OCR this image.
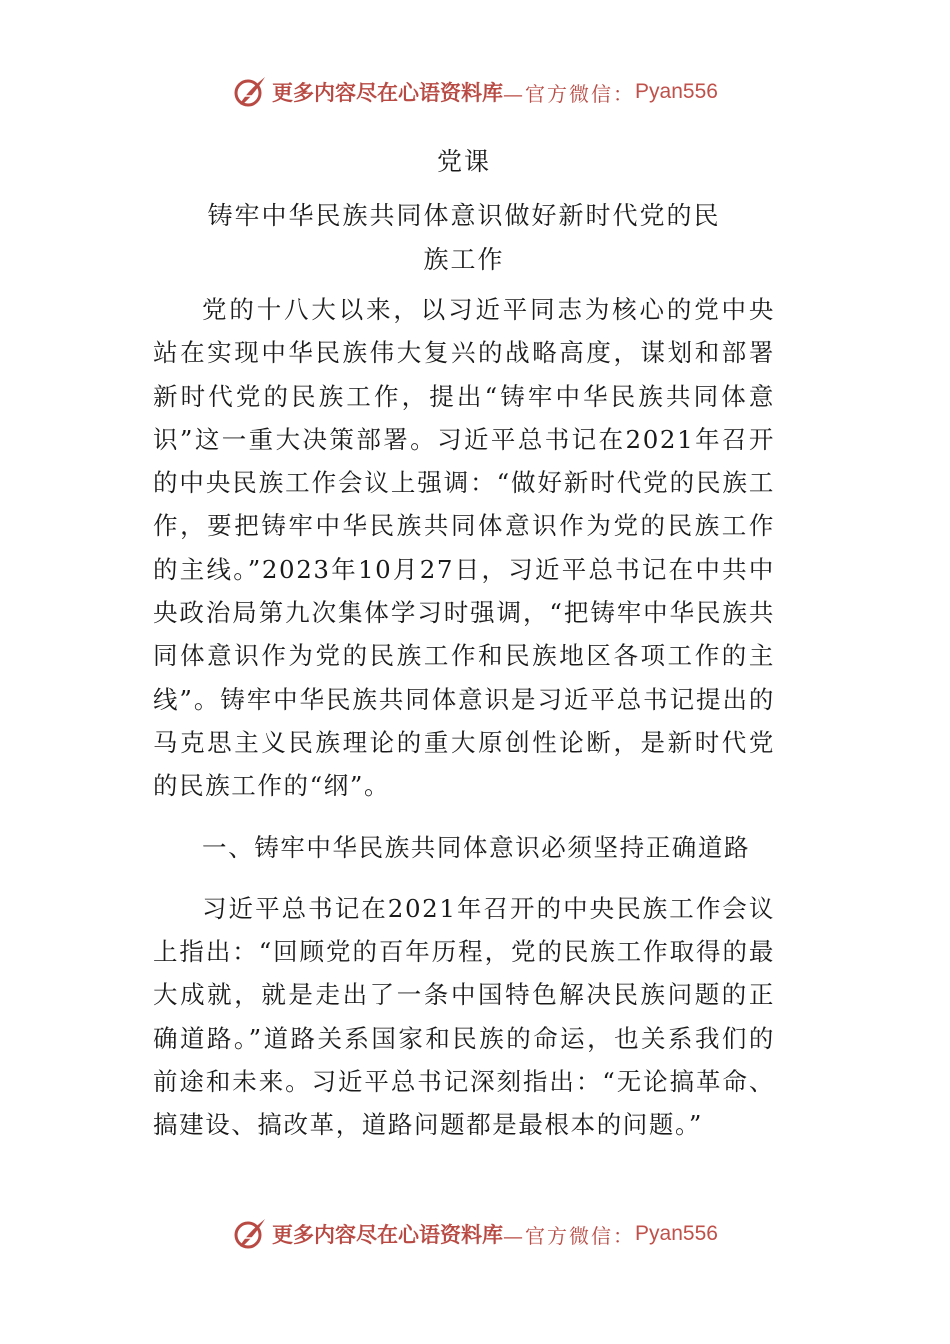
更多内容尽在心语资料库 —官方微信： Pyan556
党课
铸牢中华民族共同体意识做好新时代党的民
族工作

党的十八大以来，以习近平同志为核心的党中央站在实现中华民族伟大复兴的战略高度，谋划和部署新时代党的民族工作，提出“铸牢中华民族共同体意识”这一重大决策部署。习近平总书记在2021年召开的中央民族工作会议上强调：“做好新时代党的民族工作，要把铸牢中华民族共同体意识作为党的民族工作的主线。”2023年10月27日，习近平总书记在中共中央政治局第九次集体学习时强调，“把铸牢中华民族共同体意识作为党的民族工作和民族地区各项工作的主线”。铸牢中华民族共同体意识是习近平总书记提出的马克思主义民族理论的重大原创性论断，是新时代党的民族工作的“纲”。

一、铸牢中华民族共同体意识必须坚持正确道路

习近平总书记在2021年召开的中央民族工作会议上指出：“回顾党的百年历程，党的民族工作取得的最大成就，就是走出了一条中国特色解决民族问题的正确道路。”道路关系国家和民族的命运，也关系我们的前途和未来。习近平总书记深刻指出：“无论搞革命、搞建设、搞改革，道路问题都是最根本的问题。”

更多内容尽在心语资料库 —官方微信： Pyan556
